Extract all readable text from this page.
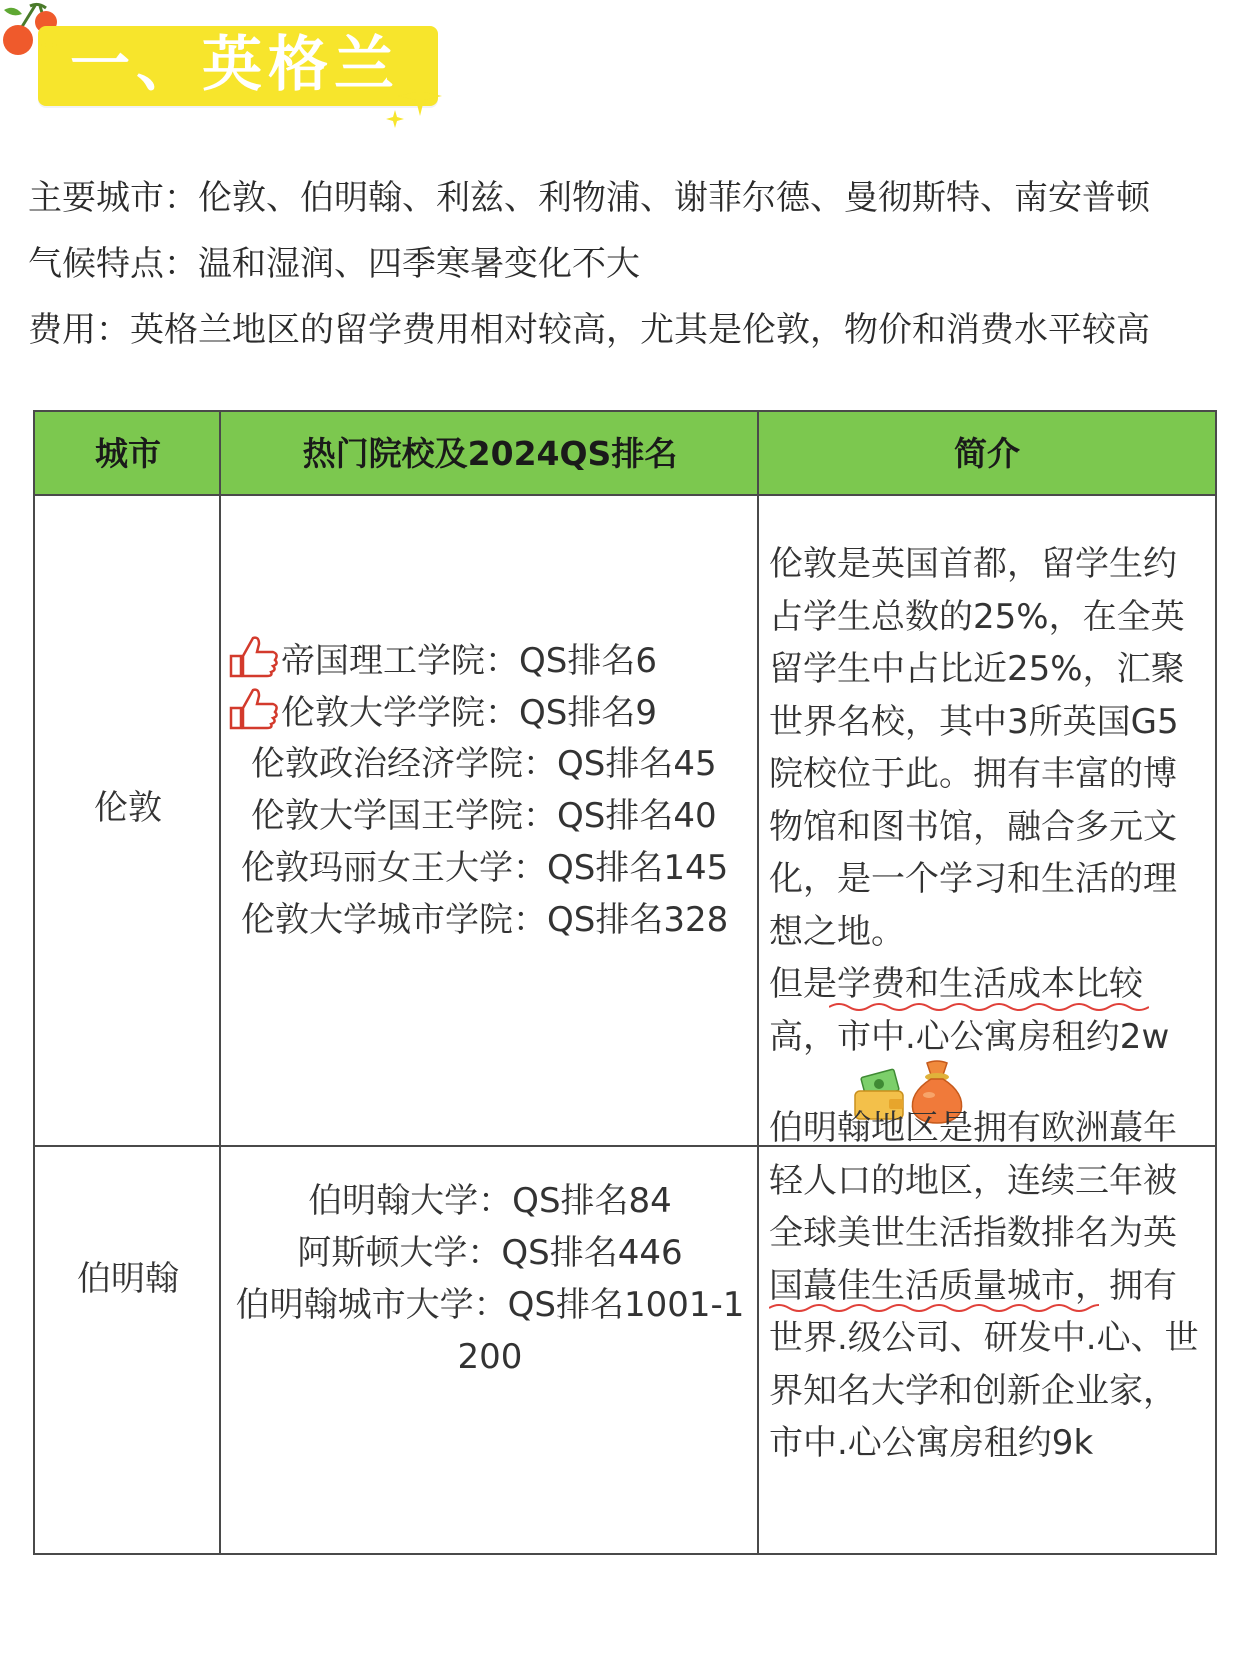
一、英格兰
主要城市：伦敦、伯明翰、利兹、利物浦、谢菲尔德、曼彻斯特、南安普顿
气候特点：温和湿润、四季寒暑变化不大
费用：英格兰地区的留学费用相对较高，尤其是伦敦，物价和消费水平较高
城市	热门院校及2024QS排名	简介
伦敦
帝国理工学院：QS排名6
伦敦大学学院：QS排名9
伦敦政治经济学院：QS排名45
伦敦大学国王学院：QS排名40
伦敦玛丽女王大学：QS排名145
伦敦大学城市学院：QS排名328
伦敦是英国首都，留学生约
占学生总数的25%，在全英
留学生中占比近25%，汇聚
世界名校，其中3所英国G5
院校位于此。拥有丰富的博
物馆和图书馆，融合多元文
化，是一个学习和生活的理
想之地。
但是学费和生活成本比较
高，市中.心公寓房租约2w
伯明翰
伯明翰大学：QS排名84
阿斯顿大学：QS排名446
伯明翰城市大学：QS排名1001-1
200
伯明翰地区是拥有欧洲蕞年
轻人口的地区，连续三年被
全球美世生活指数排名为英
国蕞佳生活质量城市，拥有
世界.级公司、研发中.心、世
界知名大学和创新企业家，
市中.心公寓房租约9k
